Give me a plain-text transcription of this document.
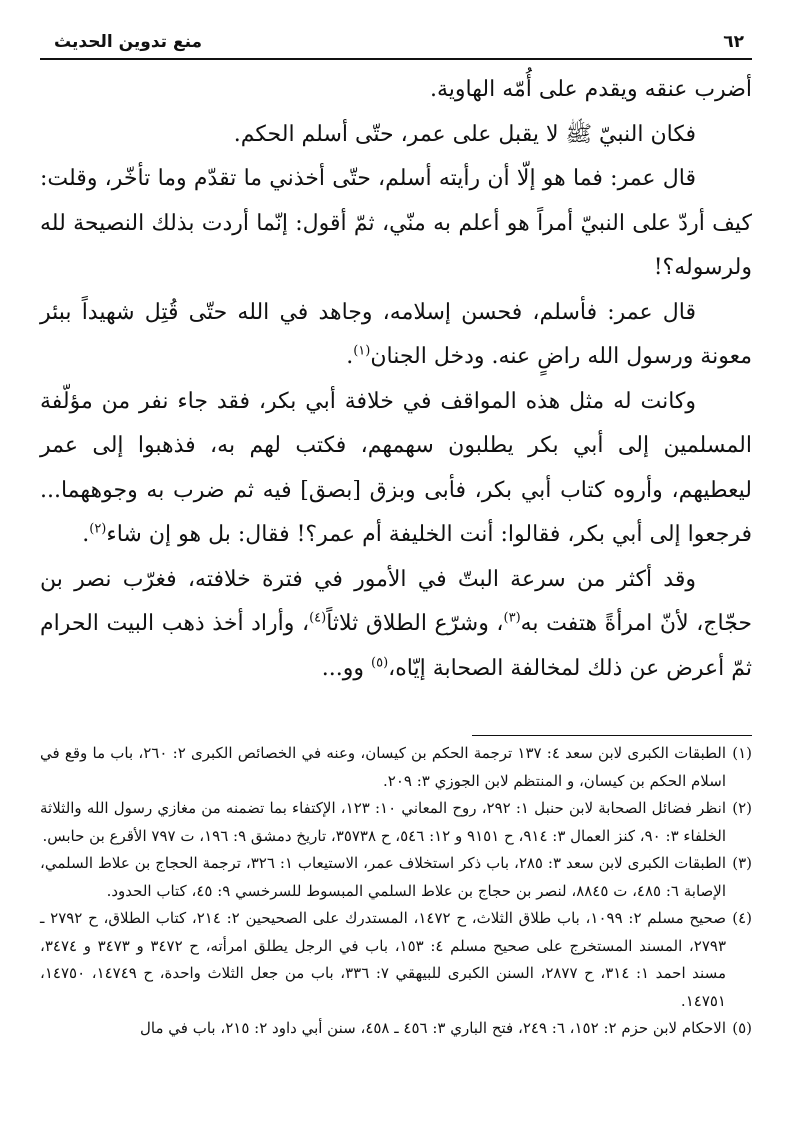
٦٢
منع تدوين الحديث

أضرب عنقه ويقدم على أُمّه الهاوية.

فكان النبيّ ﷺ لا يقبل على عمر، حتّى أسلم الحكم.

قال عمر: فما هو إلّا أن رأيته أسلم، حتّى أخذني ما تقدّم وما تأخّر، وقلت: كيف أردّ على النبيّ أمراً هو أعلم به منّي، ثمّ أقول: إنّما أردت بذلك النصيحة لله ولرسوله؟!

قال عمر: فأسلم، فحسن إسلامه، وجاهد في الله حتّى قُتِل شهيداً ببئر معونة ورسول الله راضٍ عنه. ودخل الجنان$^{(١)}$.

وكانت له مثل هذه المواقف في خلافة أبي بكر، فقد جاء نفر من مؤلّفة المسلمين إلى أبي بكر يطلبون سهمهم، فكتب لهم به، فذهبوا إلى عمر ليعطيهم، وأروه كتاب أبي بكر، فأبى وبزق [بصق] فيه ثم ضرب به وجوههما... فرجعوا إلى أبي بكر، فقالوا: أنت الخليفة أم عمر؟! فقال: بل هو إن شاء$^{(٢)}$.

وقد أكثر من سرعة البتّ في الأمور في فترة خلافته، فغرّب نصر بن حجّاج، لأنّ امرأةً هتفت به$^{(٣)}$، وشرّع الطلاق ثلاثاً$^{(٤)}$، وأراد أخذ ذهب البيت الحرام ثمّ أعرض عن ذلك لمخالفة الصحابة إيّاه،$^{(٥)}$ وو...

(١)
الطبقات الكبرى لابن سعد ٤: ١٣٧ ترجمة الحكم بن كيسان، وعنه في الخصائص الكبرى ٢: ٢٦٠، باب ما وقع في اسلام الحكم بن كيسان، و المنتظم لابن الجوزي ٣: ٢٠٩.
(٢)
انظر فضائل الصحابة لابن حنبل ١: ٢٩٢، روح المعاني ١٠: ١٢٣، الإكتفاء بما تضمنه من مغازي رسول الله والثلاثة الخلفاء ٣: ٩٠، كنز العمال ٣: ٩١٤، ح ٩١٥١ و ١٢: ٥٤٦، ح ٣٥٧٣٨، تاريخ دمشق ٩: ١٩٦، ت ٧٩٧ الأقرع بن حابس.
(٣)
الطبقات الكبرى لابن سعد ٣: ٢٨٥، باب ذكر استخلاف عمر، الاستيعاب ١: ٣٢٦، ترجمة الحجاج بن علاط السلمي، الإصابة ٦: ٤٨٥، ت ٨٨٤٥، لنصر بن حجاج بن علاط السلمي المبسوط للسرخسي ٩: ٤٥، كتاب الحدود.
(٤)
صحيح مسلم ٢: ١٠٩٩، باب طلاق الثلاث، ح ١٤٧٢، المستدرك على الصحيحين ٢: ٢١٤، كتاب الطلاق، ح ٢٧٩٢ ـ ٢٧٩٣، المسند المستخرج على صحيح مسلم ٤: ١٥٣، باب في الرجل يطلق امرأته، ح ٣٤٧٢ و ٣٤٧٣ و ٣٤٧٤، مسند احمد ١: ٣١٤، ح ٢٨٧٧، السنن الكبرى للبيهقي ٧: ٣٣٦، باب من جعل الثلاث واحدة، ح ١٤٧٤٩، ١٤٧٥٠، ١٤٧٥١.
(٥)
الاحكام لابن حزم ٢: ١٥٢، ٦: ٢٤٩، فتح الباري ٣: ٤٥٦ ـ ٤٥٨، سنن أبي داود ٢: ٢١٥، باب في مال
